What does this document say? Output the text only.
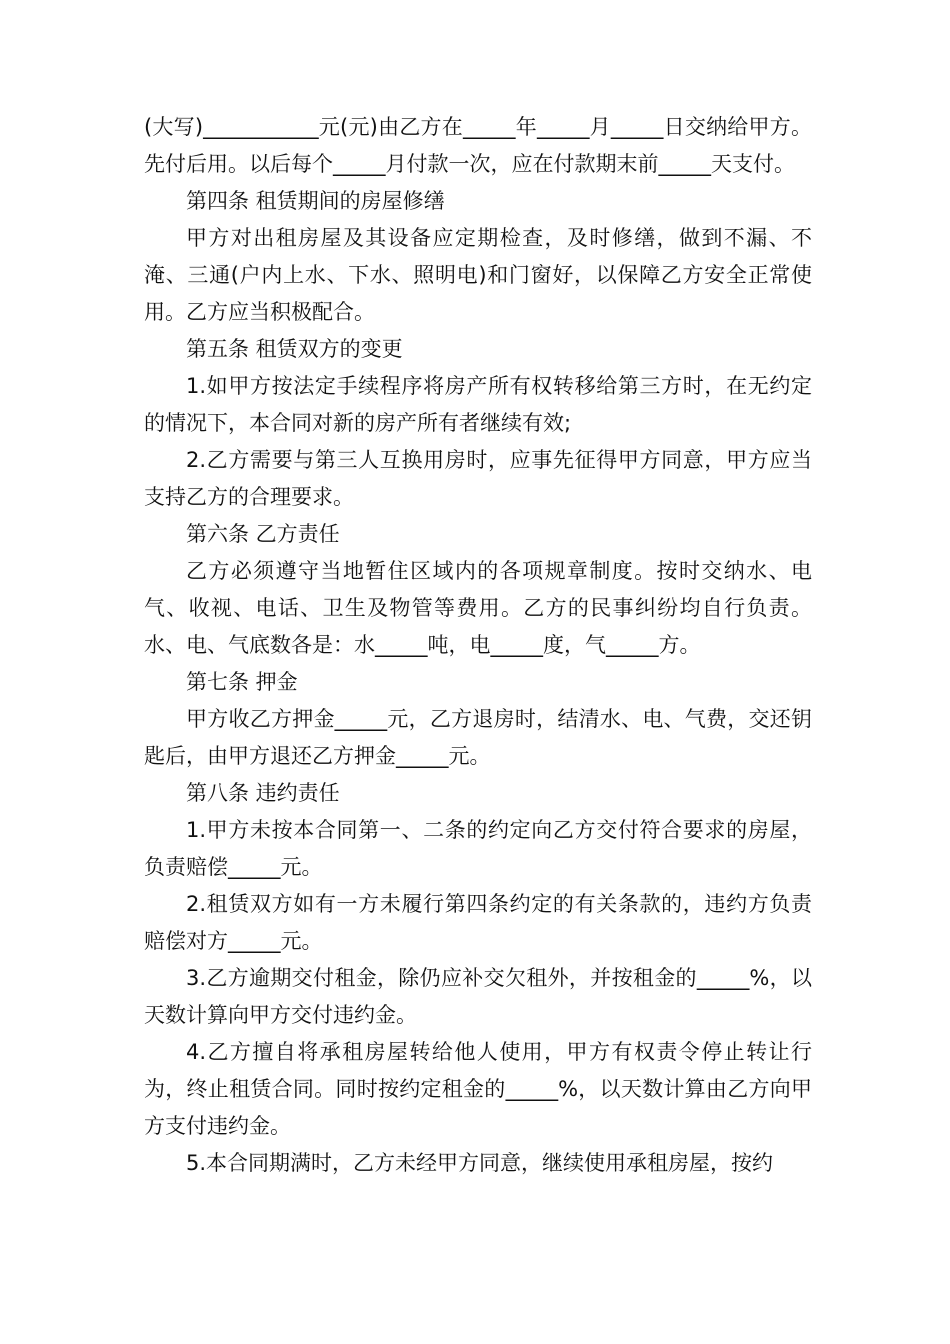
(大写)___________元(元)由乙方在_____年_____月_____日交纳给甲方。先付后用。以后每个_____月付款一次，应在付款期末前_____天支付。

第四条 租赁期间的房屋修缮

甲方对出租房屋及其设备应定期检查，及时修缮，做到不漏、不淹、三通(户内上水、下水、照明电)和门窗好，以保障乙方安全正常使用。乙方应当积极配合。

第五条 租赁双方的变更

1.如甲方按法定手续程序将房产所有权转移给第三方时，在无约定的情况下，本合同对新的房产所有者继续有效;

2.乙方需要与第三人互换用房时，应事先征得甲方同意，甲方应当支持乙方的合理要求。

第六条 乙方责任

乙方必须遵守当地暂住区域内的各项规章制度。按时交纳水、电气、收视、电话、卫生及物管等费用。乙方的民事纠纷均自行负责。水、电、气底数各是：水_____吨，电_____度，气_____方。

第七条 押金

甲方收乙方押金_____元，乙方退房时，结清水、电、气费，交还钥匙后，由甲方退还乙方押金_____元。

第八条 违约责任

1.甲方未按本合同第一、二条的约定向乙方交付符合要求的房屋，负责赔偿_____元。

2.租赁双方如有一方未履行第四条约定的有关条款的，违约方负责赔偿对方_____元。

3.乙方逾期交付租金，除仍应补交欠租外，并按租金的_____%，以天数计算向甲方交付违约金。

4.乙方擅自将承租房屋转给他人使用，甲方有权责令停止转让行为，终止租赁合同。同时按约定租金的_____%，以天数计算由乙方向甲方支付违约金。

5.本合同期满时，乙方未经甲方同意，继续使用承租房屋，按约
